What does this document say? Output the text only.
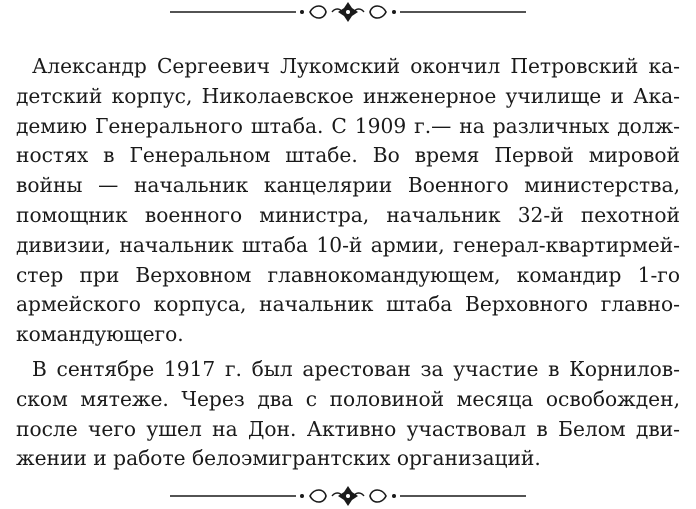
Александр Сергеевич Лукомский окончил Петровский ка-
детский корпус, Николаевское инженерное училище и Ака-
демию Генерального штаба. С 1909 г.— на различных долж-
ностях в Генеральном штабе. Во время Первой мировой
войны — начальник канцелярии Военного министерства,
помощник военного министра, начальник 32-й пехотной
дивизии, начальник штаба 10-й армии, генерал-квартирмей-
стер при Верховном главнокомандующем, командир 1-го
армейского корпуса, начальник штаба Верховного главно-
командующего.

В сентябре 1917 г. был арестован за участие в Корнилов-
ском мятеже. Через два с половиной месяца освобожден,
после чего ушел на Дон. Активно участвовал в Белом дви-
жении и работе белоэмигрантских организаций.
